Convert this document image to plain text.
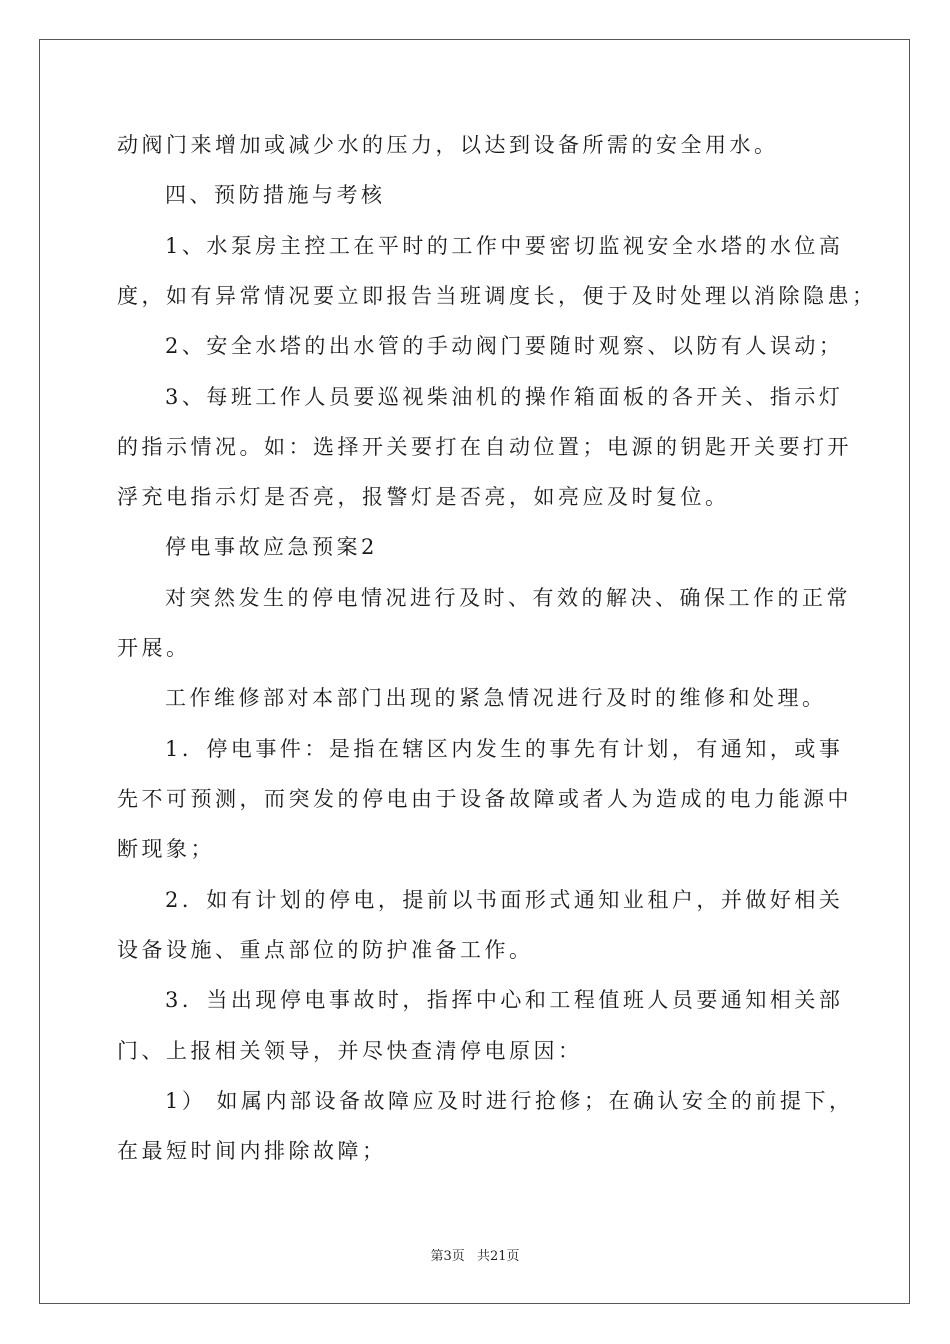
动阀门来增加或减少水的压力，以达到设备所需的安全用水。
四、预防措施与考核
1、水泵房主控工在平时的工作中要密切监视安全水塔的水位高
度，如有异常情况要立即报告当班调度长，便于及时处理以消除隐患；
2、安全水塔的出水管的手动阀门要随时观察、以防有人误动；
3、每班工作人员要巡视柴油机的操作箱面板的各开关、指示灯
的指示情况。如：选择开关要打在自动位置；电源的钥匙开关要打开
浮充电指示灯是否亮，报警灯是否亮，如亮应及时复位。
停电事故应急预案2
对突然发生的停电情况进行及时、有效的解决、确保工作的正常
开展。
工作维修部对本部门出现的紧急情况进行及时的维修和处理。
1．停电事件：是指在辖区内发生的事先有计划，有通知，或事
先不可预测，而突发的停电由于设备故障或者人为造成的电力能源中
断现象；
2．如有计划的停电，提前以书面形式通知业租户，并做好相关
设备设施、重点部位的防护准备工作。
3．当出现停电事故时，指挥中心和工程值班人员要通知相关部
门、上报相关领导，并尽快查清停电原因：
1） 如属内部设备故障应及时进行抢修；在确认安全的前提下，
在最短时间内排除故障；
第3页 共21页
